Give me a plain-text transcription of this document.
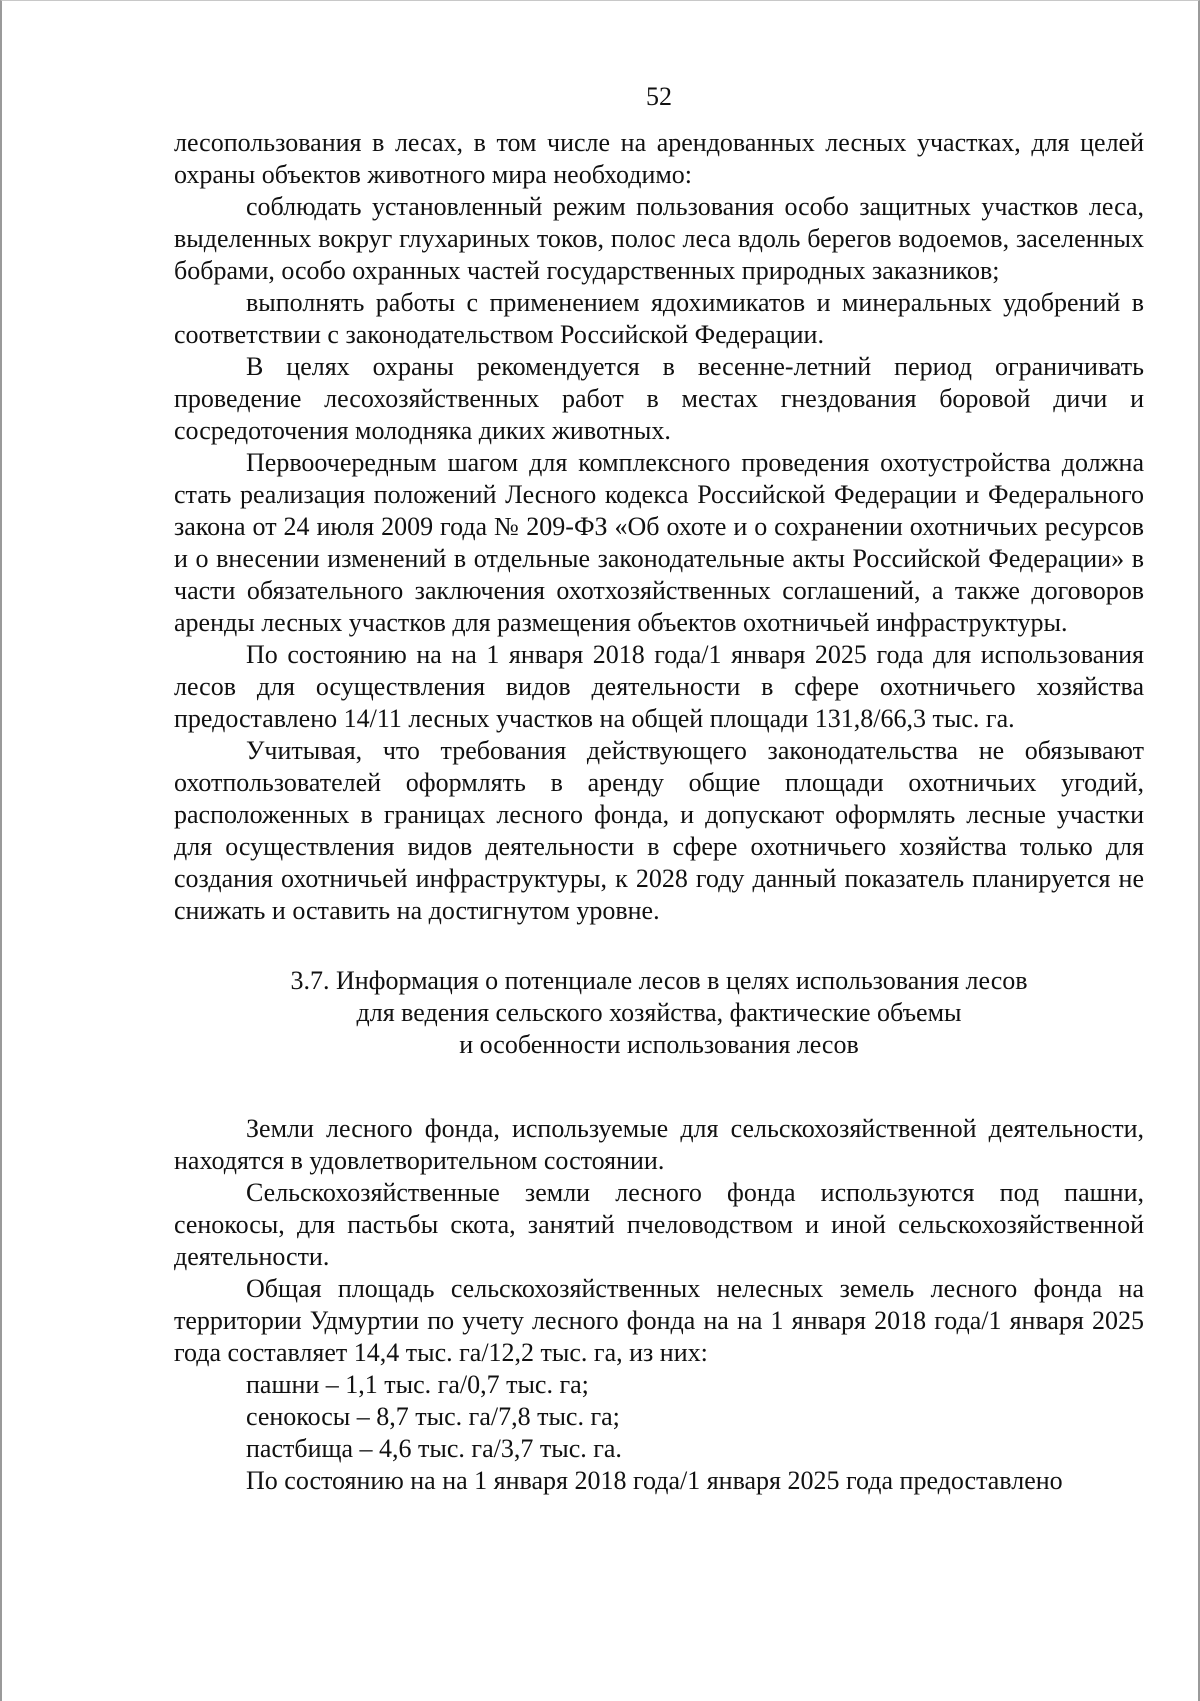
52

лесопользования в лесах, в том числе на арендованных лесных участках, для целей охраны объектов животного мира необходимо:

соблюдать установленный режим пользования особо защитных участков леса, выделенных вокруг глухариных токов, полос леса вдоль берегов водоемов, заселенных бобрами, особо охранных частей государственных природных заказников;

выполнять работы с применением ядохимикатов и минеральных удобрений в соответствии с законодательством Российской Федерации.

В целях охраны рекомендуется в весенне-летний период ограничивать проведение лесохозяйственных работ в местах гнездования боровой дичи и сосредоточения молодняка диких животных.

Первоочередным шагом для комплексного проведения охотустройства должна стать реализация положений Лесного кодекса Российской Федерации и Федерального закона от 24 июля 2009 года № 209-ФЗ «Об охоте и о сохранении охотничьих ресурсов и о внесении изменений в отдельные законодательные акты Российской Федерации» в части обязательного заключения охотхозяйственных соглашений, а также договоров аренды лесных участков для размещения объектов охотничьей инфраструктуры.

По состоянию на на 1 января 2018 года/1 января 2025 года для использования лесов для осуществления видов деятельности в сфере охотничьего хозяйства предоставлено 14/11 лесных участков на общей площади 131,8/66,3 тыс. га.

Учитывая, что требования действующего законодательства не обязывают охотпользователей оформлять в аренду общие площади охотничьих угодий, расположенных в границах лесного фонда, и допускают оформлять лесные участки для осуществления видов деятельности в сфере охотничьего хозяйства только для создания охотничьей инфраструктуры, к 2028 году данный показатель планируется не снижать и оставить на достигнутом уровне.

3.7. Информация о потенциале лесов в целях использования лесов
для ведения сельского хозяйства, фактические объемы
и особенности использования лесов

Земли лесного фонда, используемые для сельскохозяйственной деятельности, находятся в удовлетворительном состоянии.

Сельскохозяйственные земли лесного фонда используются под пашни, сенокосы, для пастьбы скота, занятий пчеловодством и иной сельскохозяйственной деятельности.

Общая площадь сельскохозяйственных нелесных земель лесного фонда на территории Удмуртии по учету лесного фонда на на 1 января 2018 года/1 января 2025 года составляет 14,4 тыс. га/12,2 тыс. га, из них:

пашни – 1,1 тыс. га/0,7 тыс. га;

сенокосы – 8,7 тыс. га/7,8 тыс. га;

пастбища – 4,6 тыс. га/3,7 тыс. га.

По состоянию на на 1 января 2018 года/1 января 2025 года предоставлено
